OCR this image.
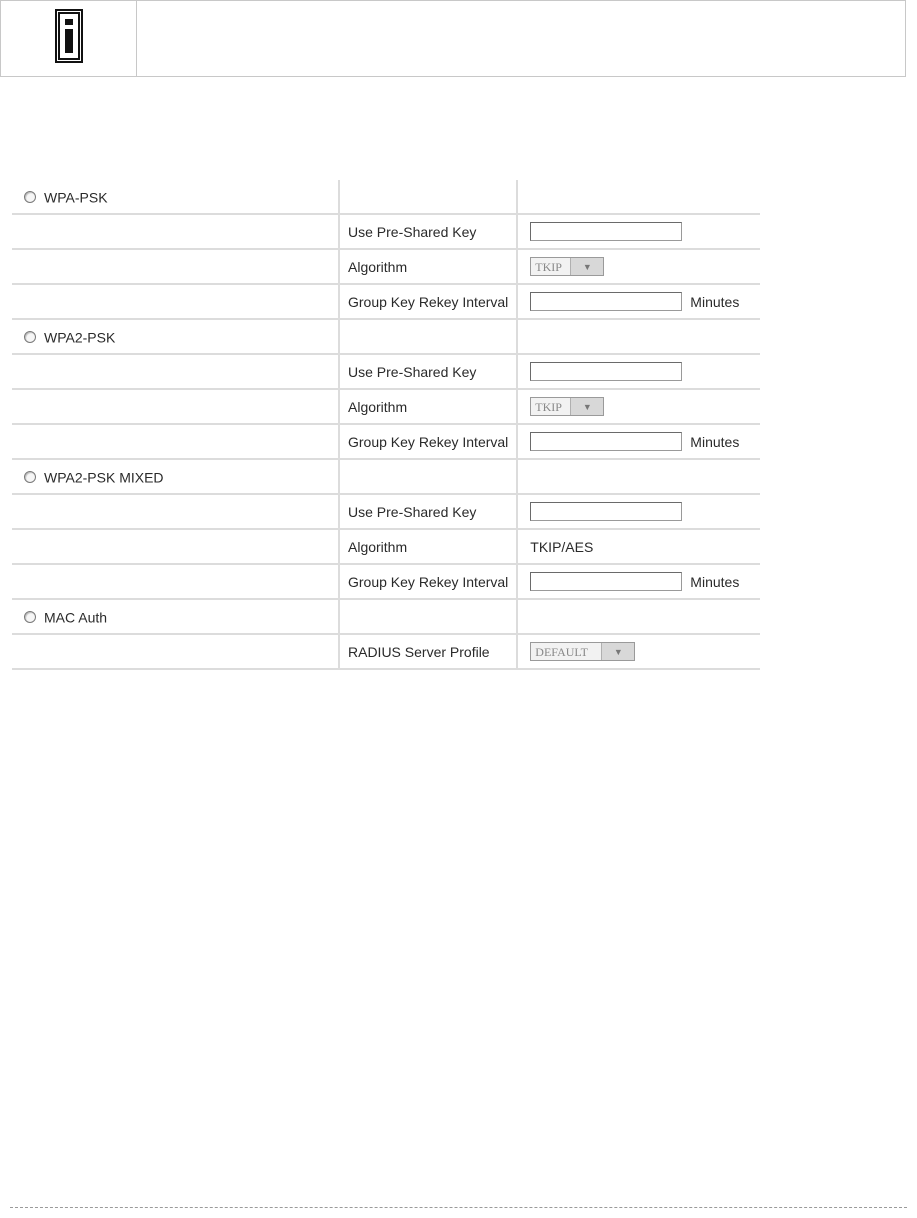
WPA-PSK		
	Use Pre-Shared Key	
	Algorithm	TKIP ▼

	Group Key Rekey Interval	Minutes
WPA2-PSK		
	Use Pre-Shared Key	
	Algorithm	TKIP ▼

	Group Key Rekey Interval	Minutes
WPA2-PSK MIXED		
	Use Pre-Shared Key	
	Algorithm	TKIP/AES
	Group Key Rekey Interval	Minutes
MAC Auth		
	RADIUS Server Profile	DEFAULT ▼
